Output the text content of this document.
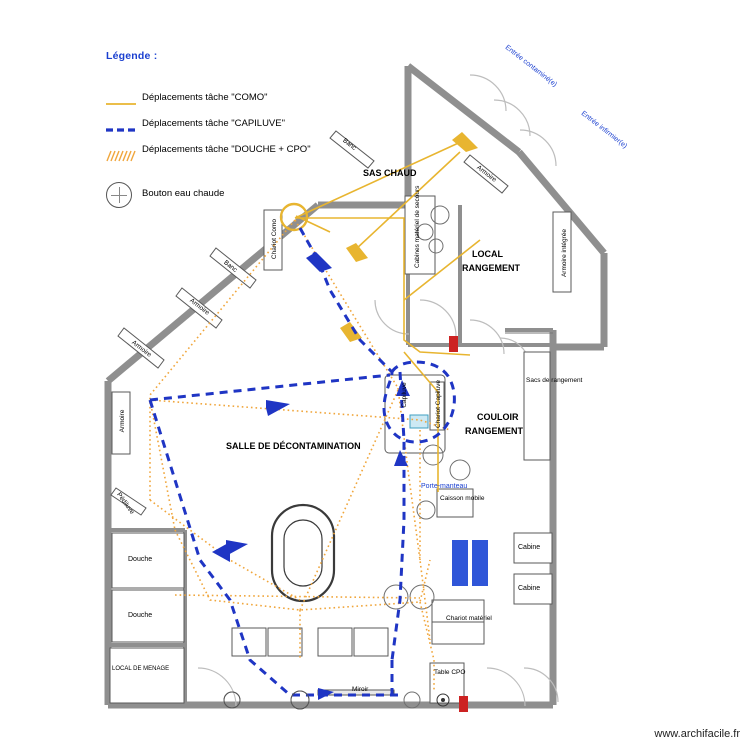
Légende :
Déplacements tâche "COMO"
Déplacements tâche "CAPILUVE"
Déplacements tâche "DOUCHE + CPO"
Bouton eau chaude
SAS CHAUD
LOCAL
RANGEMENT
COULOIR
RANGEMENT
SALLE DE DÉCONTAMINATION
LOCAL DE MENAGE
Entrée contaminé(e)
Entrée infirmier(e)
Banc
Armoire
Cabines matériel de secours	Armoire intégrée
Chariot Como
Banc
Armoire
Armoire
Armoire
Capiluve	Chariot Capiluve	Sacs de rangement
Pédiluve
Douche
Douche
Caisson mobile
Cabine
Cabine
Chariot matériel
Table CPO
Miroir
Porte-manteau
www.archifacile.fr
